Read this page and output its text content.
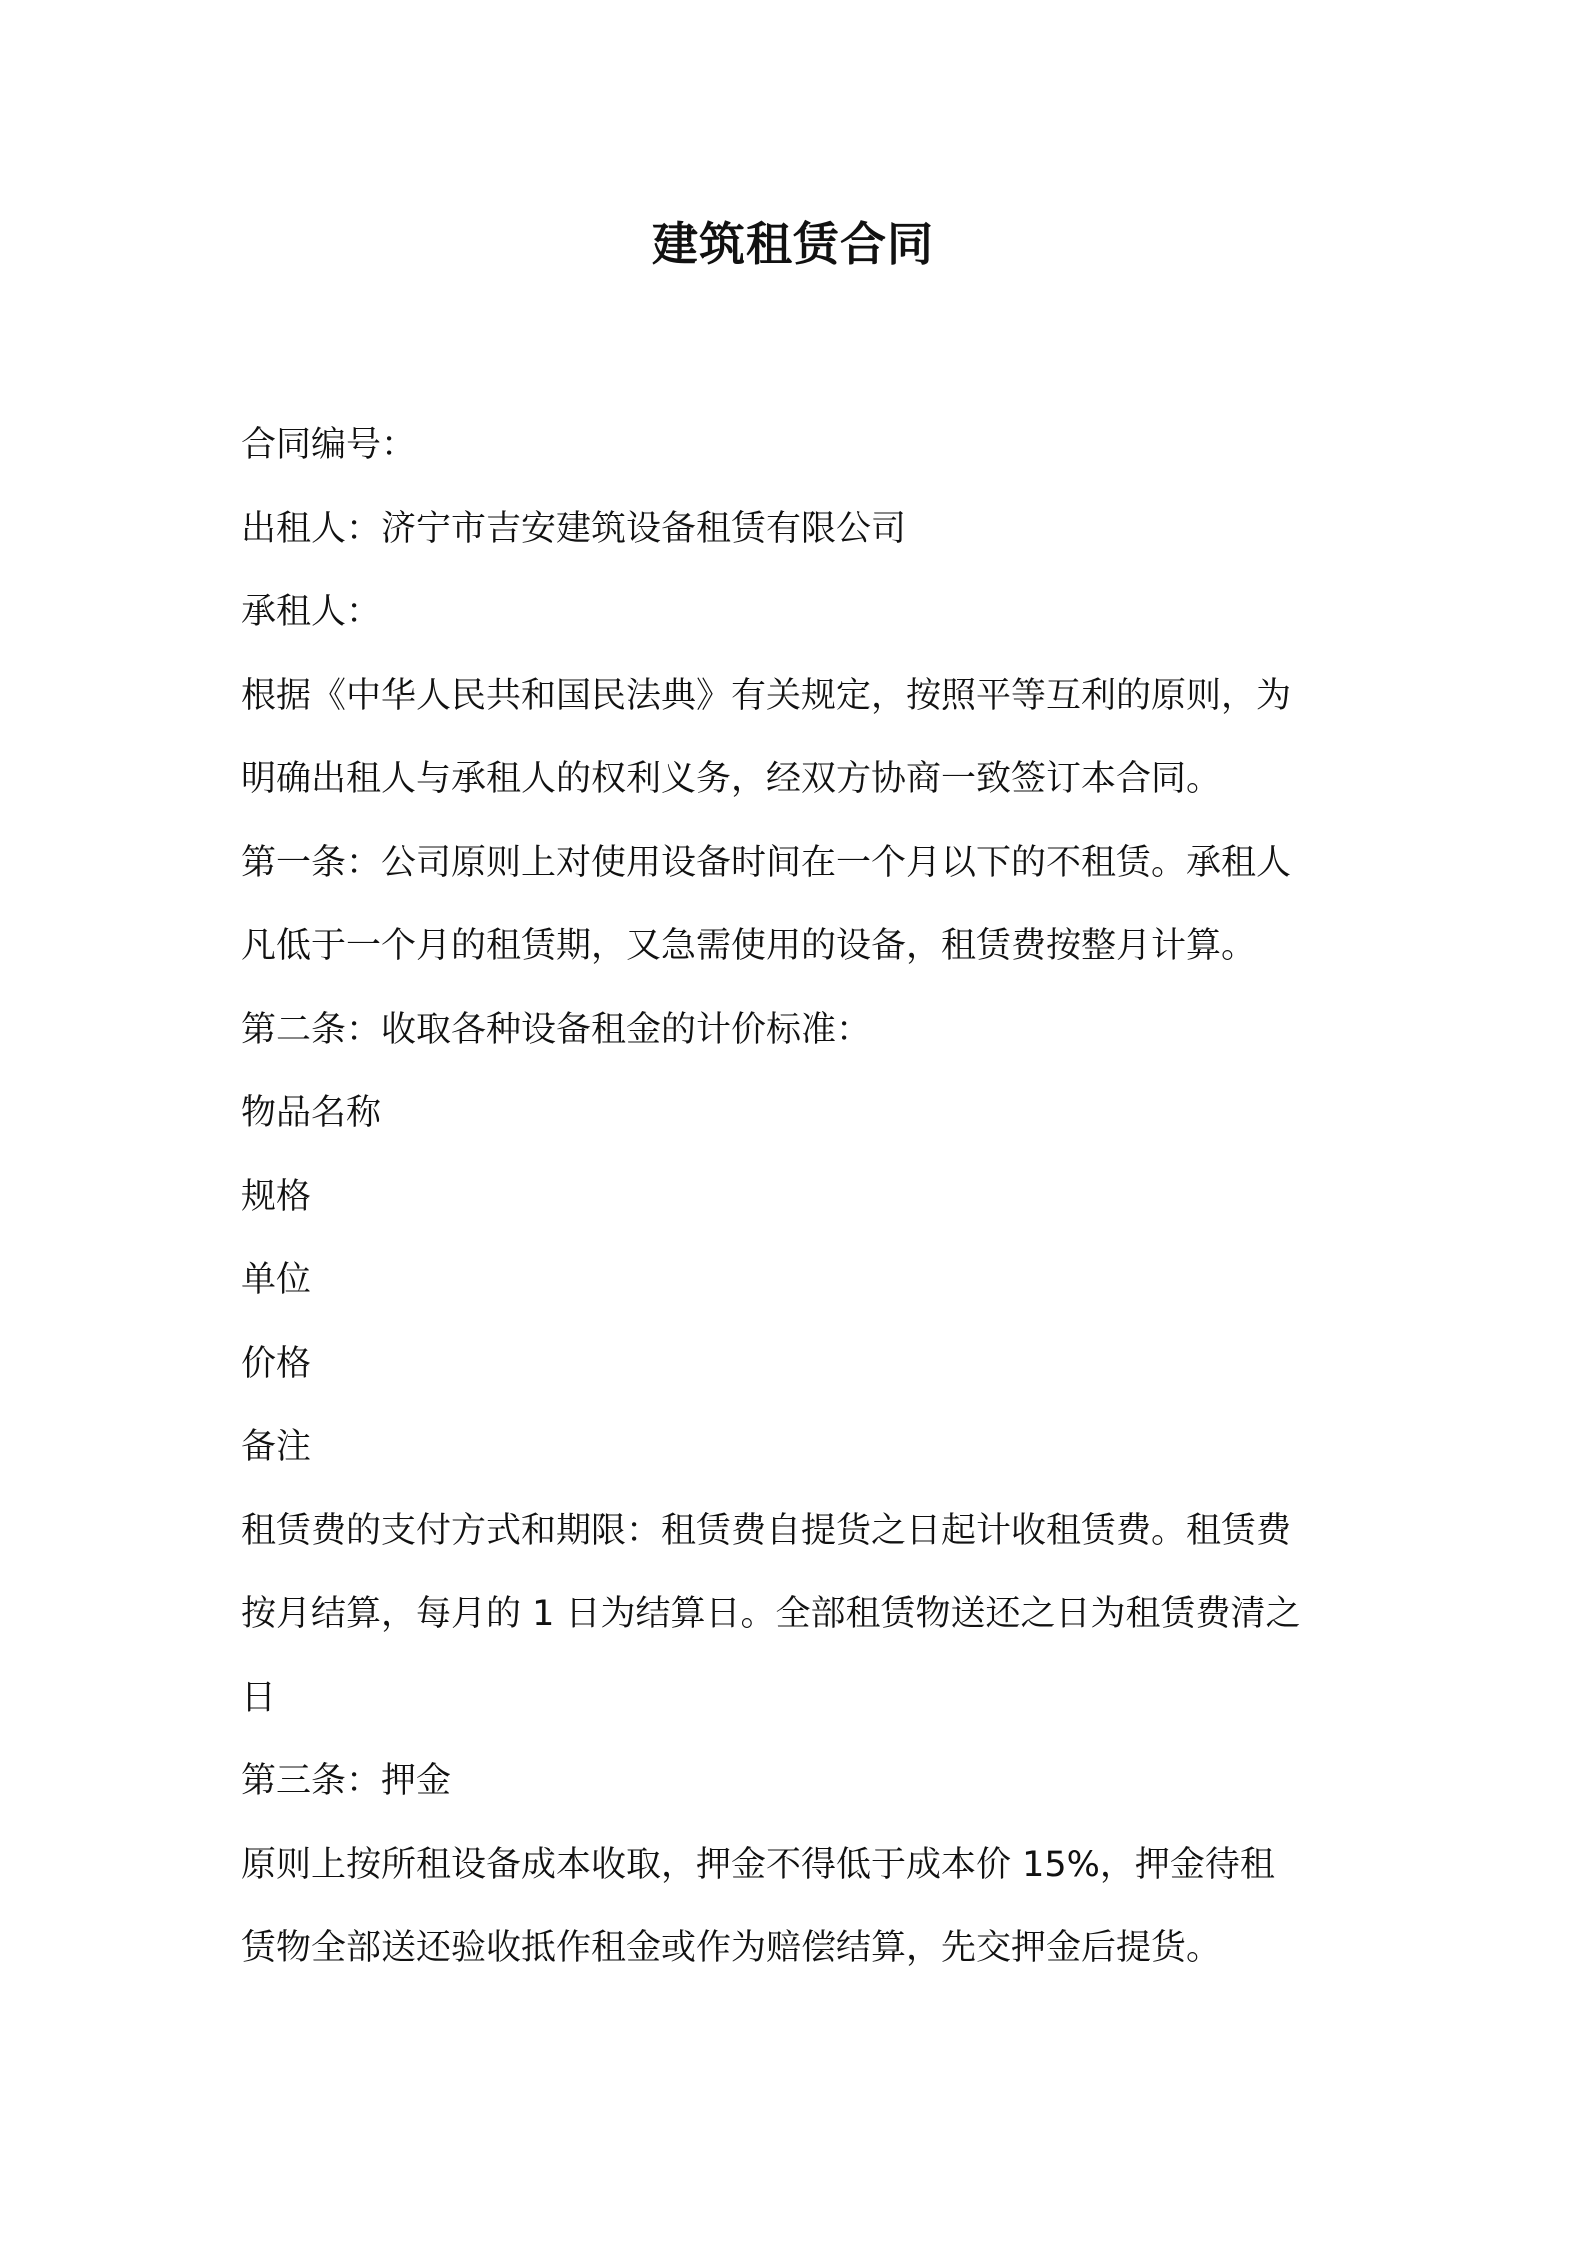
建筑租赁合同
合同编号：
出租人：济宁市吉安建筑设备租赁有限公司
承租人：
根据《中华人民共和国民法典》有关规定，按照平等互利的原则，为
明确出租人与承租人的权利义务，经双方协商一致签订本合同。
第一条：公司原则上对使用设备时间在一个月以下的不租赁。承租人
凡低于一个月的租赁期，又急需使用的设备，租赁费按整月计算。
第二条：收取各种设备租金的计价标准：
物品名称
规格
单位
价格
备注
租赁费的支付方式和期限：租赁费自提货之日起计收租赁费。租赁费
按月结算，每月的 1 日为结算日。全部租赁物送还之日为租赁费清之
日
第三条：押金
原则上按所租设备成本收取，押金不得低于成本价 15%，押金待租
赁物全部送还验收抵作租金或作为赔偿结算，先交押金后提货。
